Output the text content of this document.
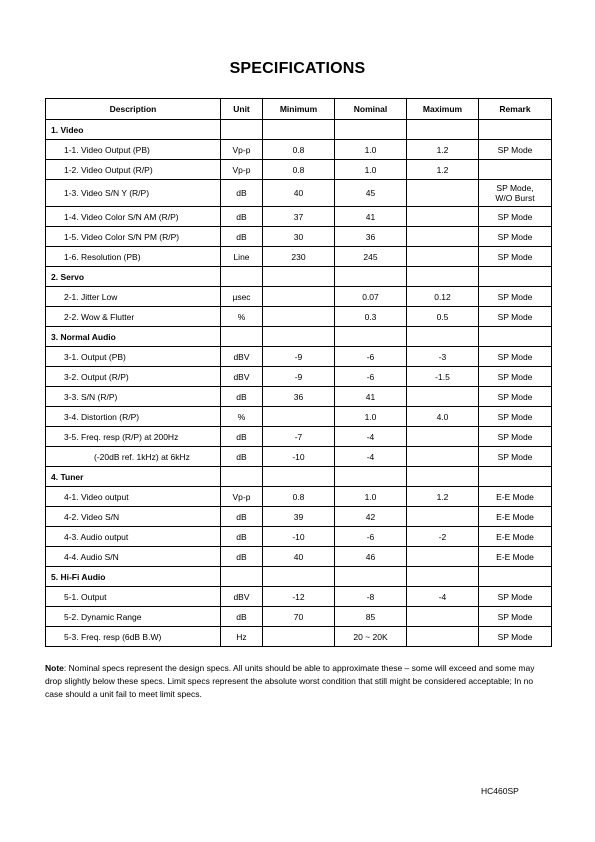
SPECIFICATIONS
Description	Unit	Minimum	Nominal	Maximum	Remark
1. Video					
1-1. Video Output (PB)	Vp-p	0.8	1.0	1.2	SP Mode
1-2. Video Output (R/P)	Vp-p	0.8	1.0	1.2	
1-3. Video S/N Y (R/P)	dB	40	45		SP Mode,
W/O Burst

1-4. Video Color S/N AM (R/P)	dB	37	41		SP Mode
1-5. Video Color S/N PM (R/P)	dB	30	36		SP Mode
1-6. Resolution (PB)	Line	230	245		SP Mode
2. Servo					
2-1. Jitter Low	µsec		0.07	0.12	SP Mode
2-2. Wow & Flutter	%		0.3	0.5	SP Mode
3. Normal Audio					
3-1. Output (PB)	dBV	-9	-6	-3	SP Mode
3-2. Output (R/P)	dBV	-9	-6	-1.5	SP Mode
3-3. S/N (R/P)	dB	36	41		SP Mode
3-4. Distortion (R/P)	%		1.0	4.0	SP Mode
3-5. Freq. resp (R/P) at 200Hz	dB	-7	-4		SP Mode
(-20dB ref. 1kHz) at 6kHz	dB	-10	-4		SP Mode
4. Tuner					
4-1. Video output	Vp-p	0.8	1.0	1.2	E-E Mode
4-2. Video S/N	dB	39	42		E-E Mode
4-3. Audio output	dB	-10	-6	-2	E-E Mode
4-4. Audio S/N	dB	40	46		E-E Mode
5. Hi-Fi Audio					
5-1. Output	dBV	-12	-8	-4	SP Mode
5-2. Dynamic Range	dB	70	85		SP Mode
5-3. Freq. resp (6dB B.W)	Hz		20 ~ 20K		SP Mode
Note: Nominal specs represent the design specs. All units should be able to approximate these – some will exceed and some may drop slightly below these specs. Limit specs represent the absolute worst condition that still might be considered acceptable; In no case should a unit fail to meet limit specs.
HC460SP
